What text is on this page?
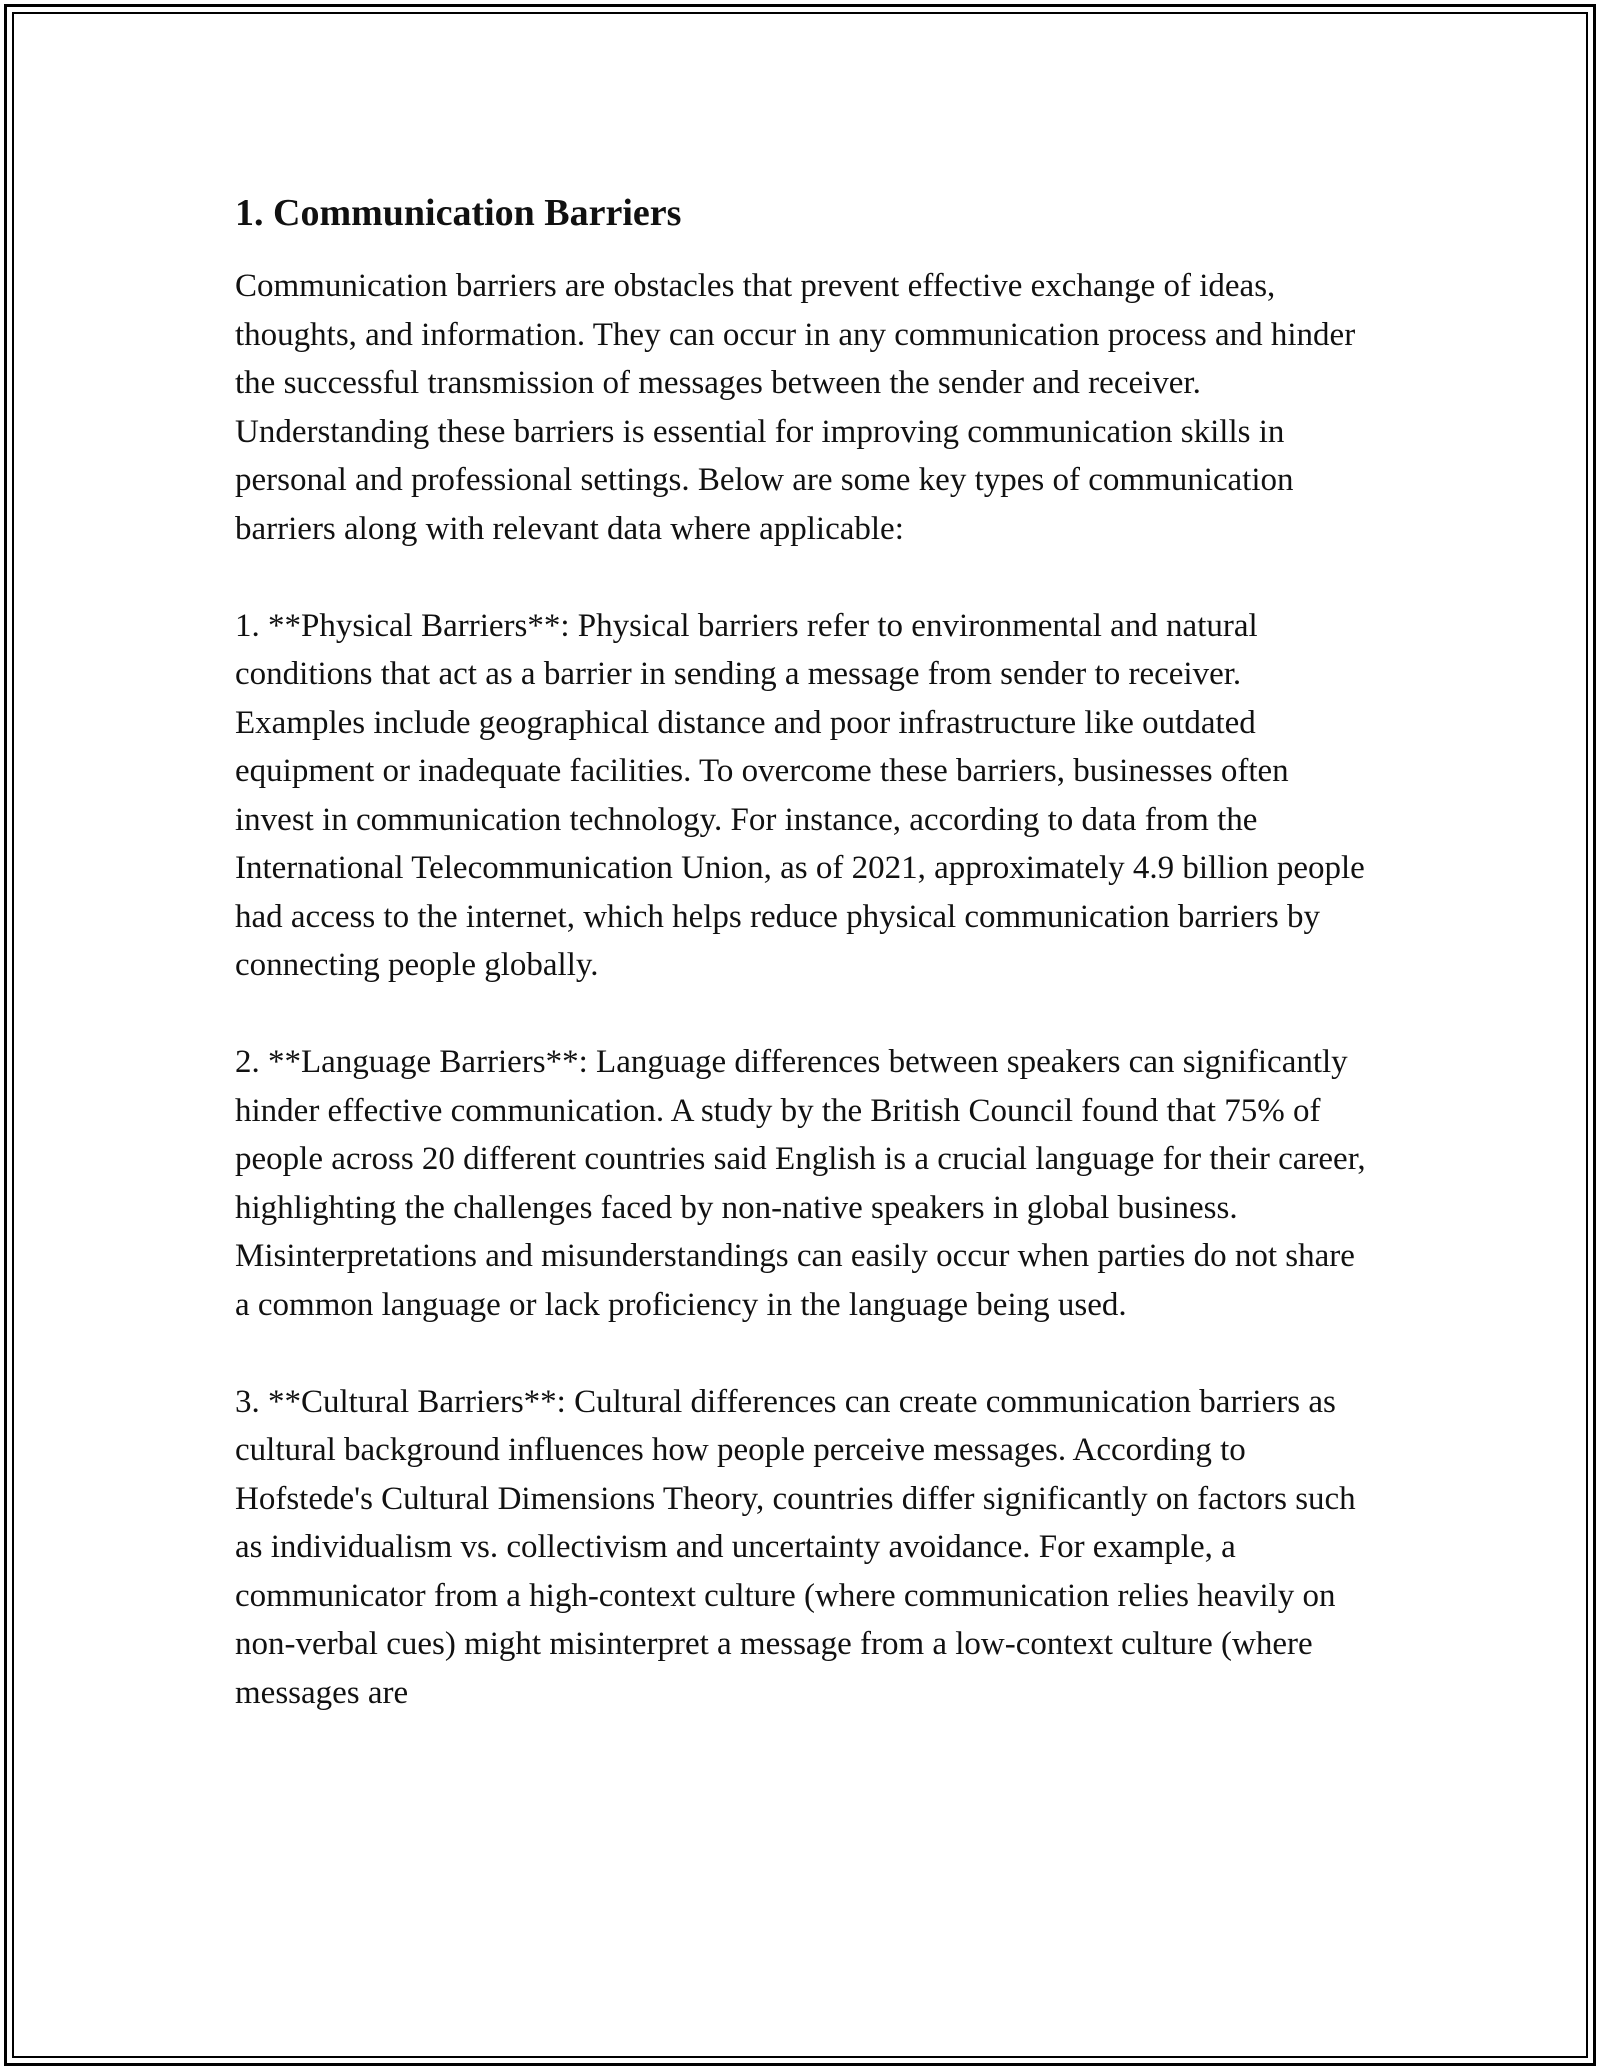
1. Communication Barriers

Communication barriers are obstacles that prevent effective exchange of ideas, thoughts, and information. They can occur in any communication process and hinder the successful transmission of messages between the sender and receiver. Understanding these barriers is essential for improving communication skills in personal and professional settings. Below are some key types of communication barriers along with relevant data where applicable:

1. **Physical Barriers**: Physical barriers refer to environmental and natural conditions that act as a barrier in sending a message from sender to receiver. Examples include geographical distance and poor infrastructure like outdated equipment or inadequate facilities. To overcome these barriers, businesses often invest in communication technology. For instance, according to data from the International Telecommunication Union, as of 2021, approximately 4.9 billion people had access to the internet, which helps reduce physical communication barriers by connecting people globally.

2. **Language Barriers**: Language differences between speakers can significantly hinder effective communication. A study by the British Council found that 75% of people across 20 different countries said English is a crucial language for their career, highlighting the challenges faced by non-native speakers in global business. Misinterpretations and misunderstandings can easily occur when parties do not share a common language or lack proficiency in the language being used.

3. **Cultural Barriers**: Cultural differences can create communication barriers as cultural background influences how people perceive messages. According to Hofstede's Cultural Dimensions Theory, countries differ significantly on factors such as individualism vs. collectivism and uncertainty avoidance. For example, a communicator from a high-context culture (where communication relies heavily on non-verbal cues) might misinterpret a message from a low-context culture (where messages are
